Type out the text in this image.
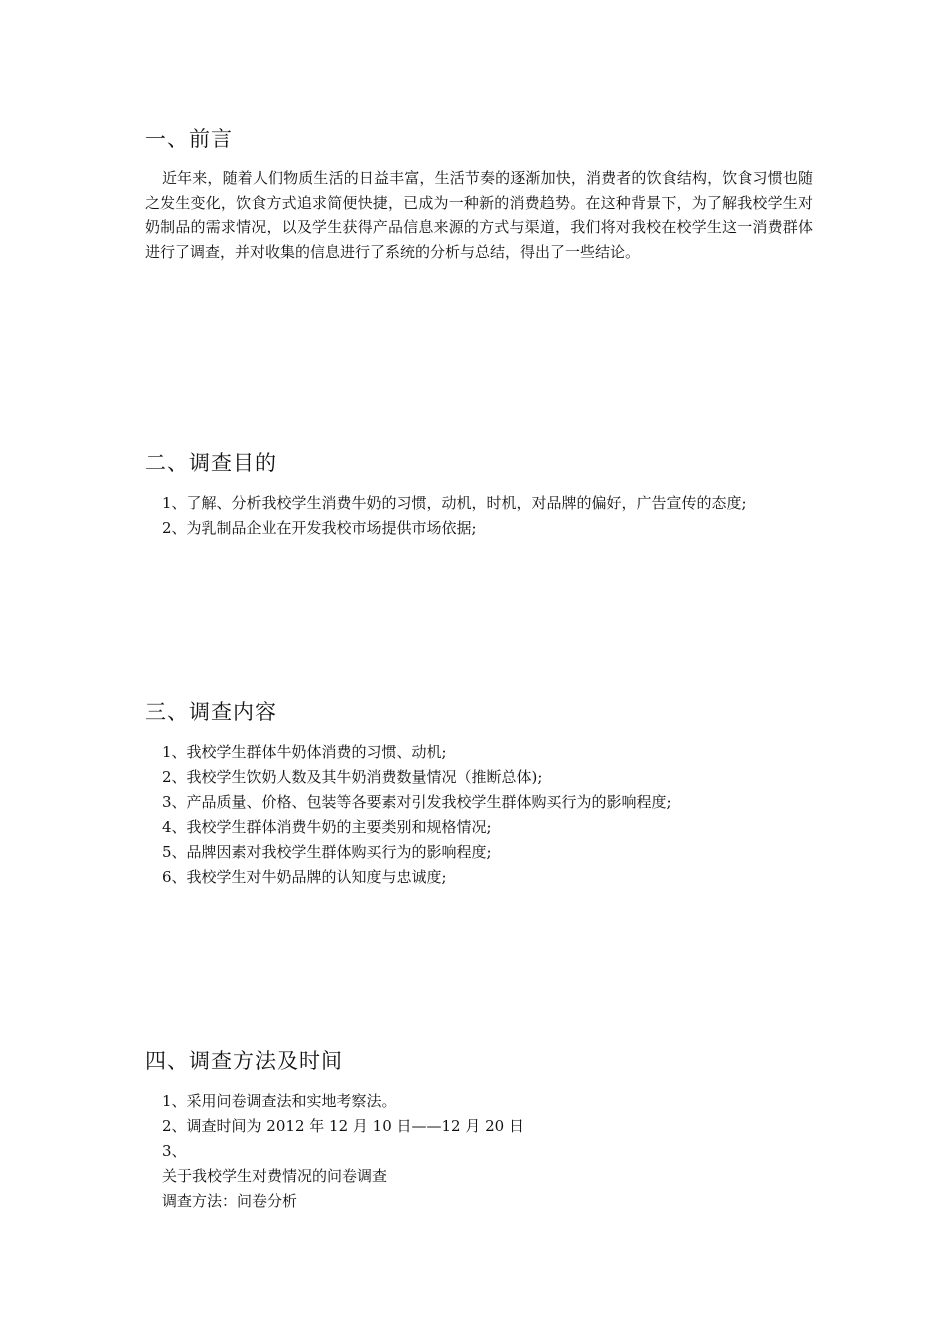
一、前言
近年来，随着人们物质生活的日益丰富，生活节奏的逐渐加快，消费者的饮食结构，饮食习惯也随之发生变化，饮食方式追求简便快捷，已成为一种新的消费趋势。在这种背景下，为了解我校学生对奶制品的需求情况，以及学生获得产品信息来源的方式与渠道，我们将对我校在校学生这一消费群体进行了调查，并对收集的信息进行了系统的分析与总结，得出了一些结论。
二、调查目的
1、了解、分析我校学生消费牛奶的习惯，动机，时机，对品牌的偏好，广告宣传的态度;
2、为乳制品企业在开发我校市场提供市场依据;
三、调查内容
1、我校学生群体牛奶体消费的习惯、动机;
2、我校学生饮奶人数及其牛奶消费数量情况（推断总体);
3、产品质量、价格、包装等各要素对引发我校学生群体购买行为的影响程度;
4、我校学生群体消费牛奶的主要类别和规格情况;
5、品牌因素对我校学生群体购买行为的影响程度;
6、我校学生对牛奶品牌的认知度与忠诚度;
四、调查方法及时间
1、采用问卷调查法和实地考察法。
2、调查时间为 2012 年 12 月 10 日——12 月 20 日
3、
关于我校学生对费情况的问卷调查
调查方法：问卷分析
